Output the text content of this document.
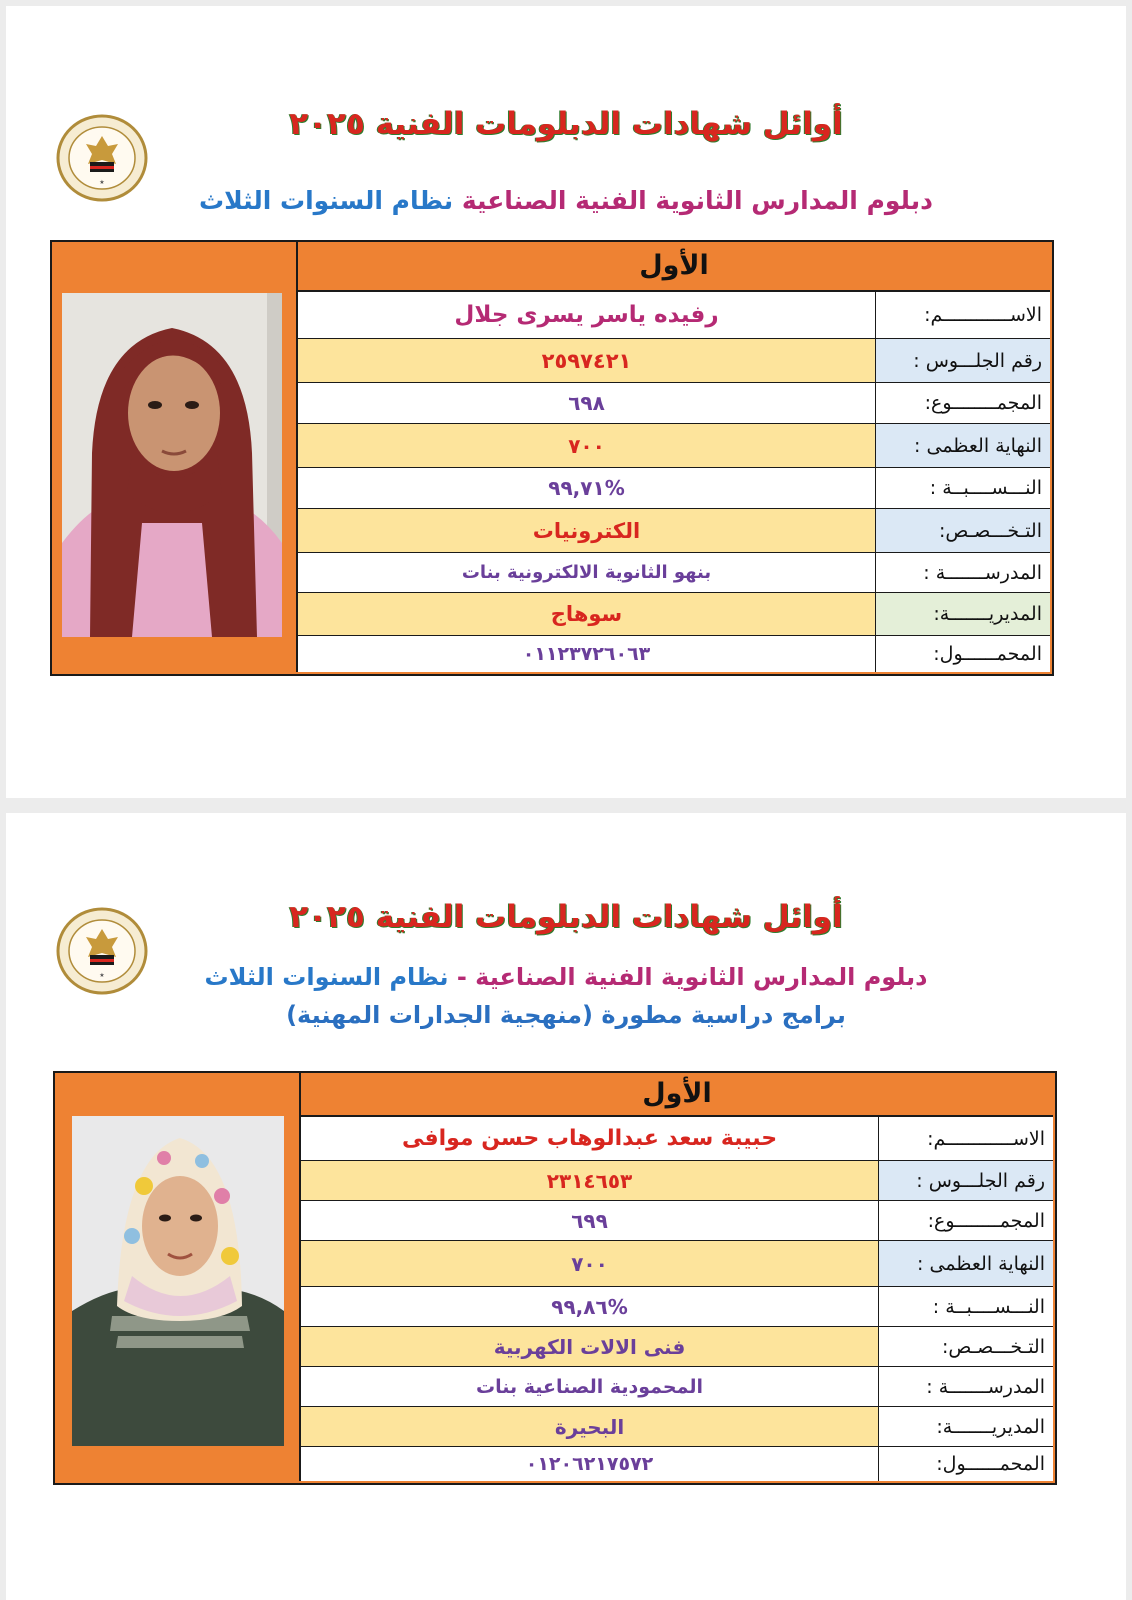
★
أوائل شهادات الدبلومات الفنية ٢٠٢٥
دبلوم المدارس الثانوية الفنية الصناعية نظام السنوات الثلاث
الأول
رفيده ياسر يسرى جلال	الاســــــــــــم:
٢٥٩٧٤٢١	رقم الجلـــوس :
٦٩٨	المجمــــــــوع:
٧٠٠	النهاية العظمى :
%٩٩,٧١	النـــســــبــة :
الكترونيات	التـخـــصـص:
بنهو الثانوية الالكترونية بنات	المدرســـــــة :
سوهاج	المديريـــــــة:
٠١١٢٣٧٢٦٠٦٣	المحمــــــول:
★
أوائل شهادات الدبلومات الفنية ٢٠٢٥
دبلوم المدارس الثانوية الفنية الصناعية - نظام السنوات الثلاث
برامج دراسية مطورة (منهجية الجدارات المهنية)
الأول
حبيبة سعد عبدالوهاب حسن موافى	الاســــــــــــم:
٢٣١٤٦٥٣	رقم الجلـــوس :
٦٩٩	المجمــــــــوع:
٧٠٠	النهاية العظمى :
%٩٩,٨٦	النـــســــبــة :
فنى الالات الكهربية	التـخـــصـص:
المحمودية الصناعية بنات	المدرســـــــة :
البحيرة	المديريـــــــة:
٠١٢٠٦٢١٧٥٧٢	المحمــــــول:
